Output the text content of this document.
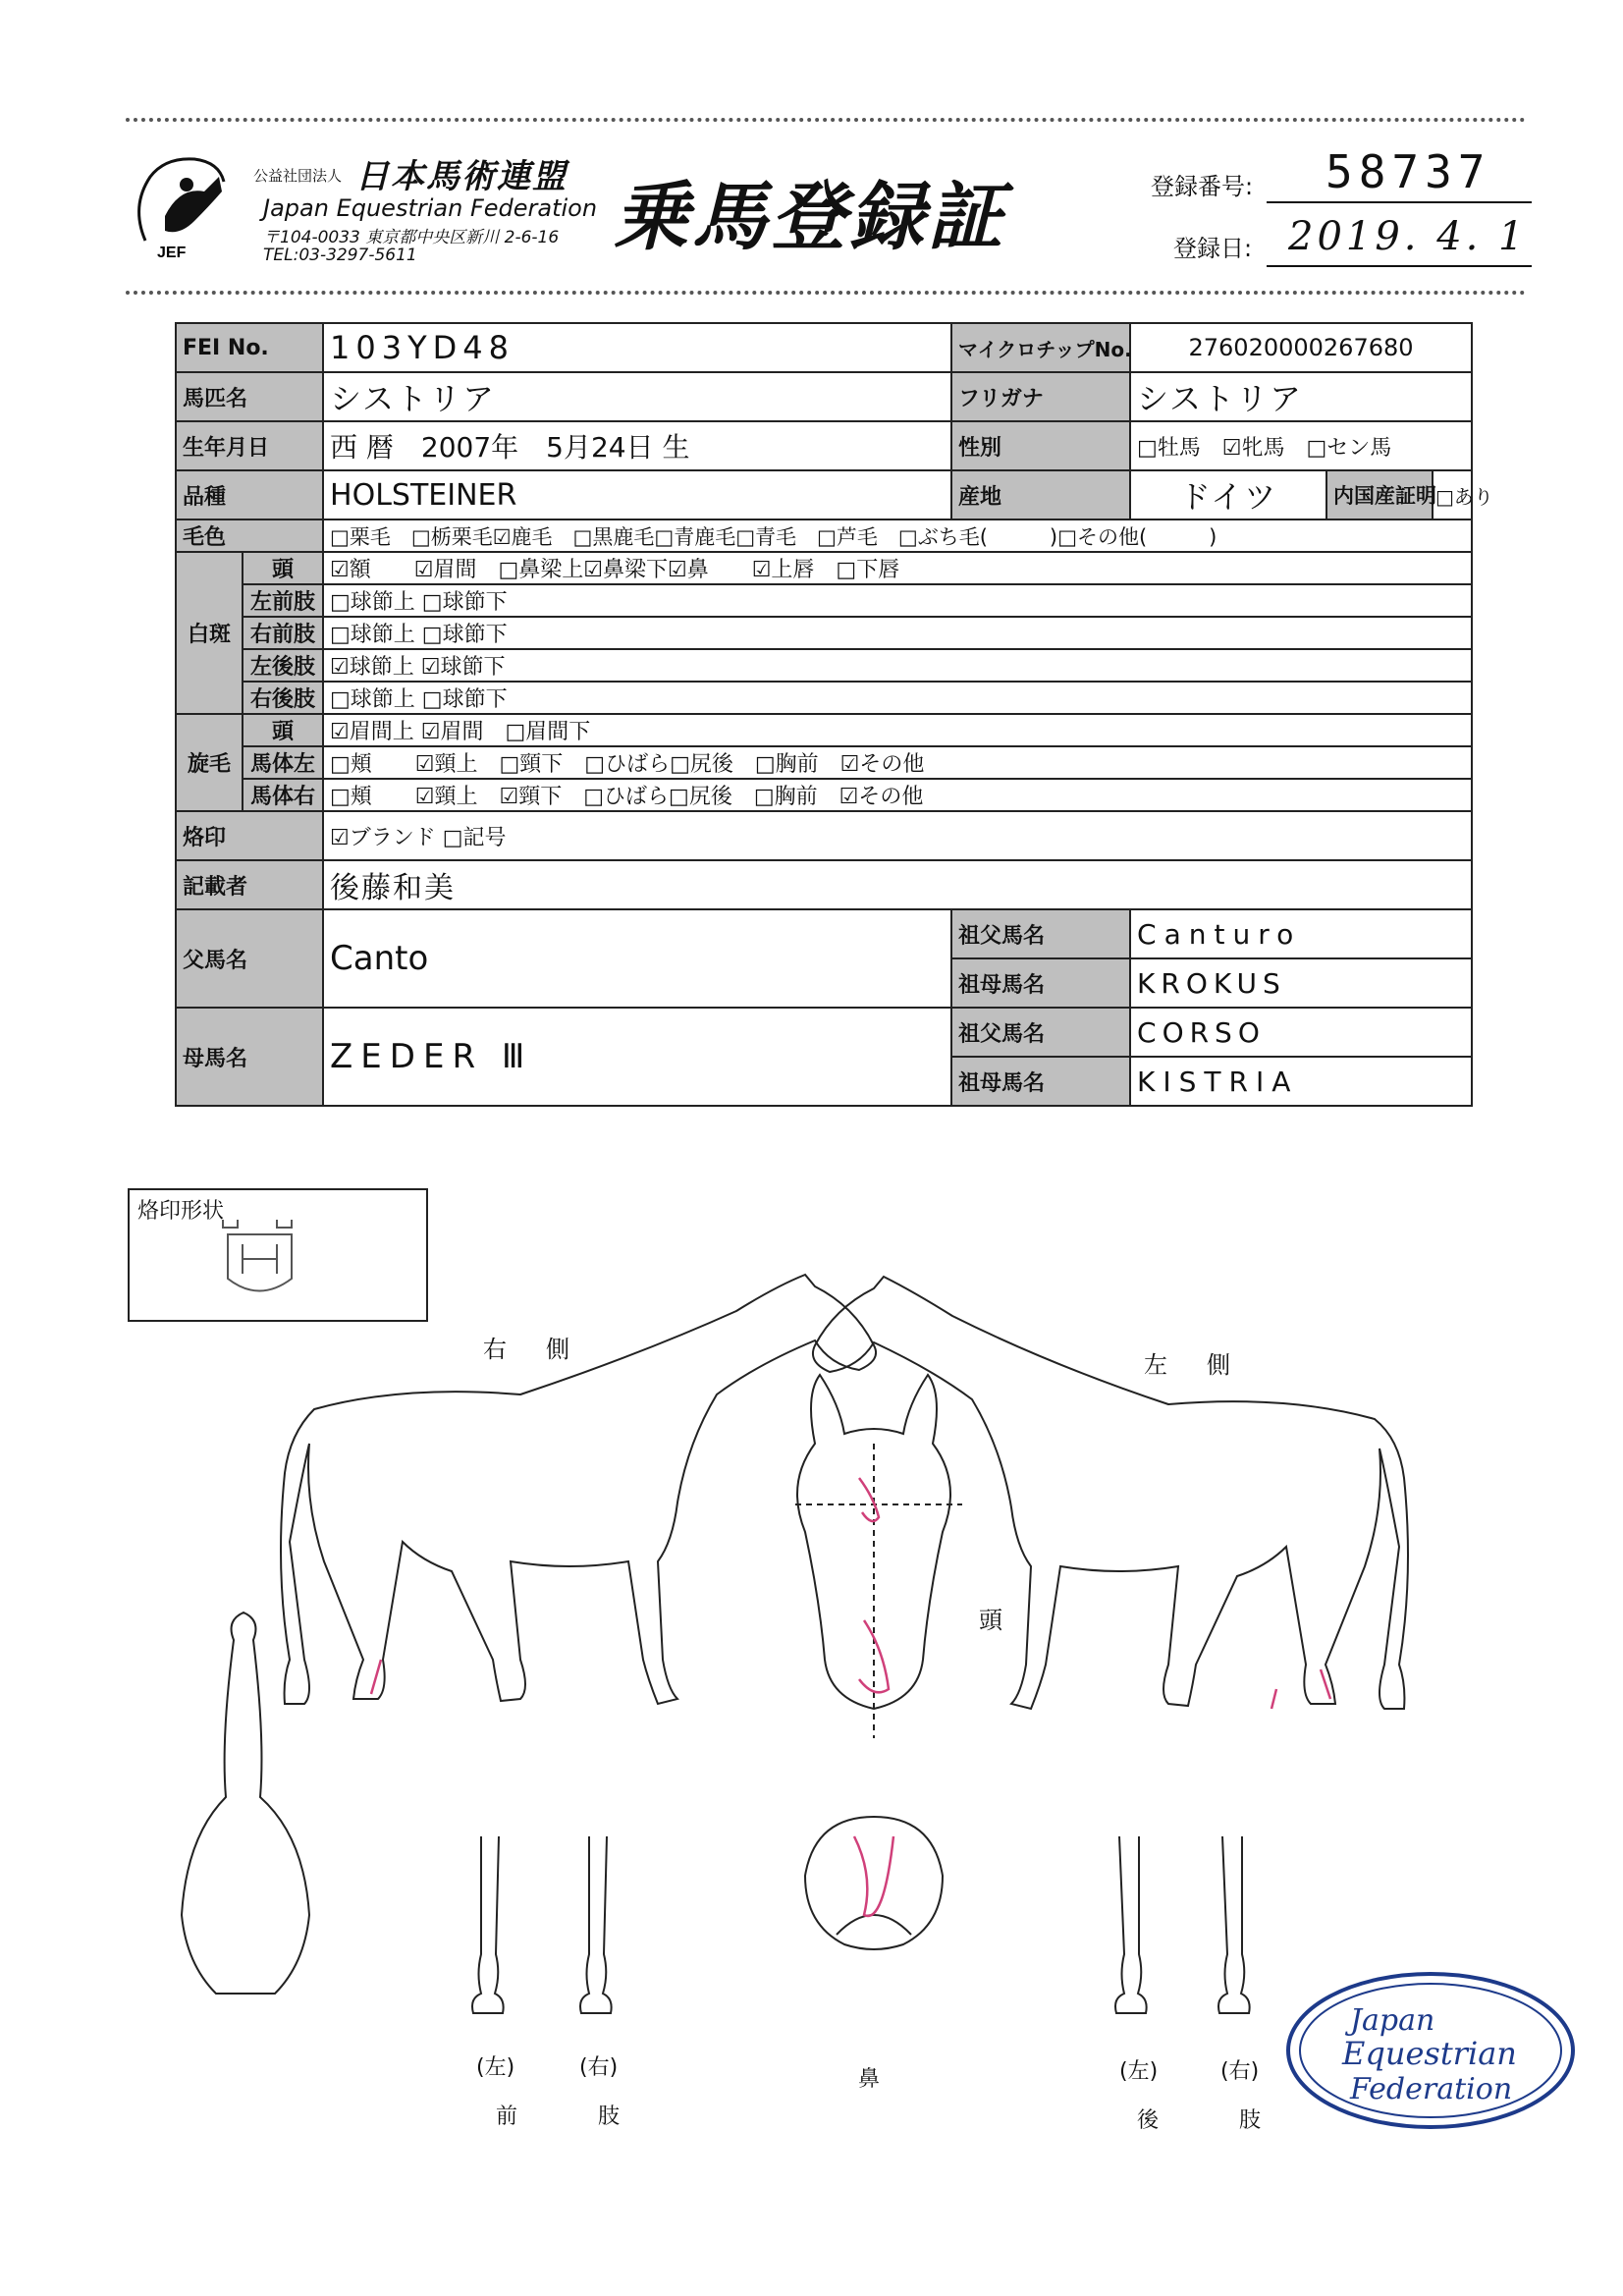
JEF
公益社団法人 日本馬術連盟
Japan Equestrian Federation
〒104-0033 東京都中央区新川 2-6-16
TEL:03-3297-5611	乗馬登録証	登録番号: 58737
登録日: 2019. 4. 1
FEI No.		103YD48	マイクロチップNo.	276020000267680		
馬匹名		シストリア	フリガナ	シストリア		
生年月日		西 暦　2007年　5月24日 生	性別	□牡馬　☑牝馬　□セン馬		
品種		HOLSTEINER	産地	ドイツ	内国産証明	□あり
毛色		□栗毛　□栃栗毛☑鹿毛　□黒鹿毛□青鹿毛□青毛　□芦毛　□ぶち毛(　　　)□その他(　　　)				
白斑	頭	☑額　　☑眉間　□鼻梁上☑鼻梁下☑鼻　　☑上唇　□下唇				
	左前肢	□球節上 □球節下				
	右前肢	□球節上 □球節下				
	左後肢	☑球節上 ☑球節下				
	右後肢	□球節上 □球節下				
旋毛	頭	☑眉間上 ☑眉間　□眉間下				
	馬体左	□頬　　☑頸上　□頸下　□ひばら□尻後　□胸前　☑その他				
	馬体右	□頬　　☑頸上　☑頸下　□ひばら□尻後　□胸前　☑その他				
烙印		☑ブランド □記号				
記載者		後藤和美				
父馬名		Canto	祖父馬名	Canturo		
			祖母馬名	KROKUS		
母馬名		ZEDER Ⅲ	祖父馬名	CORSO		
			祖母馬名	KISTRIA		
烙印形状
右側
左側
頭
鼻
(左)	(右)
前　肢
(左)	(右)
後　肢
Japan
Equestrian
Federation
